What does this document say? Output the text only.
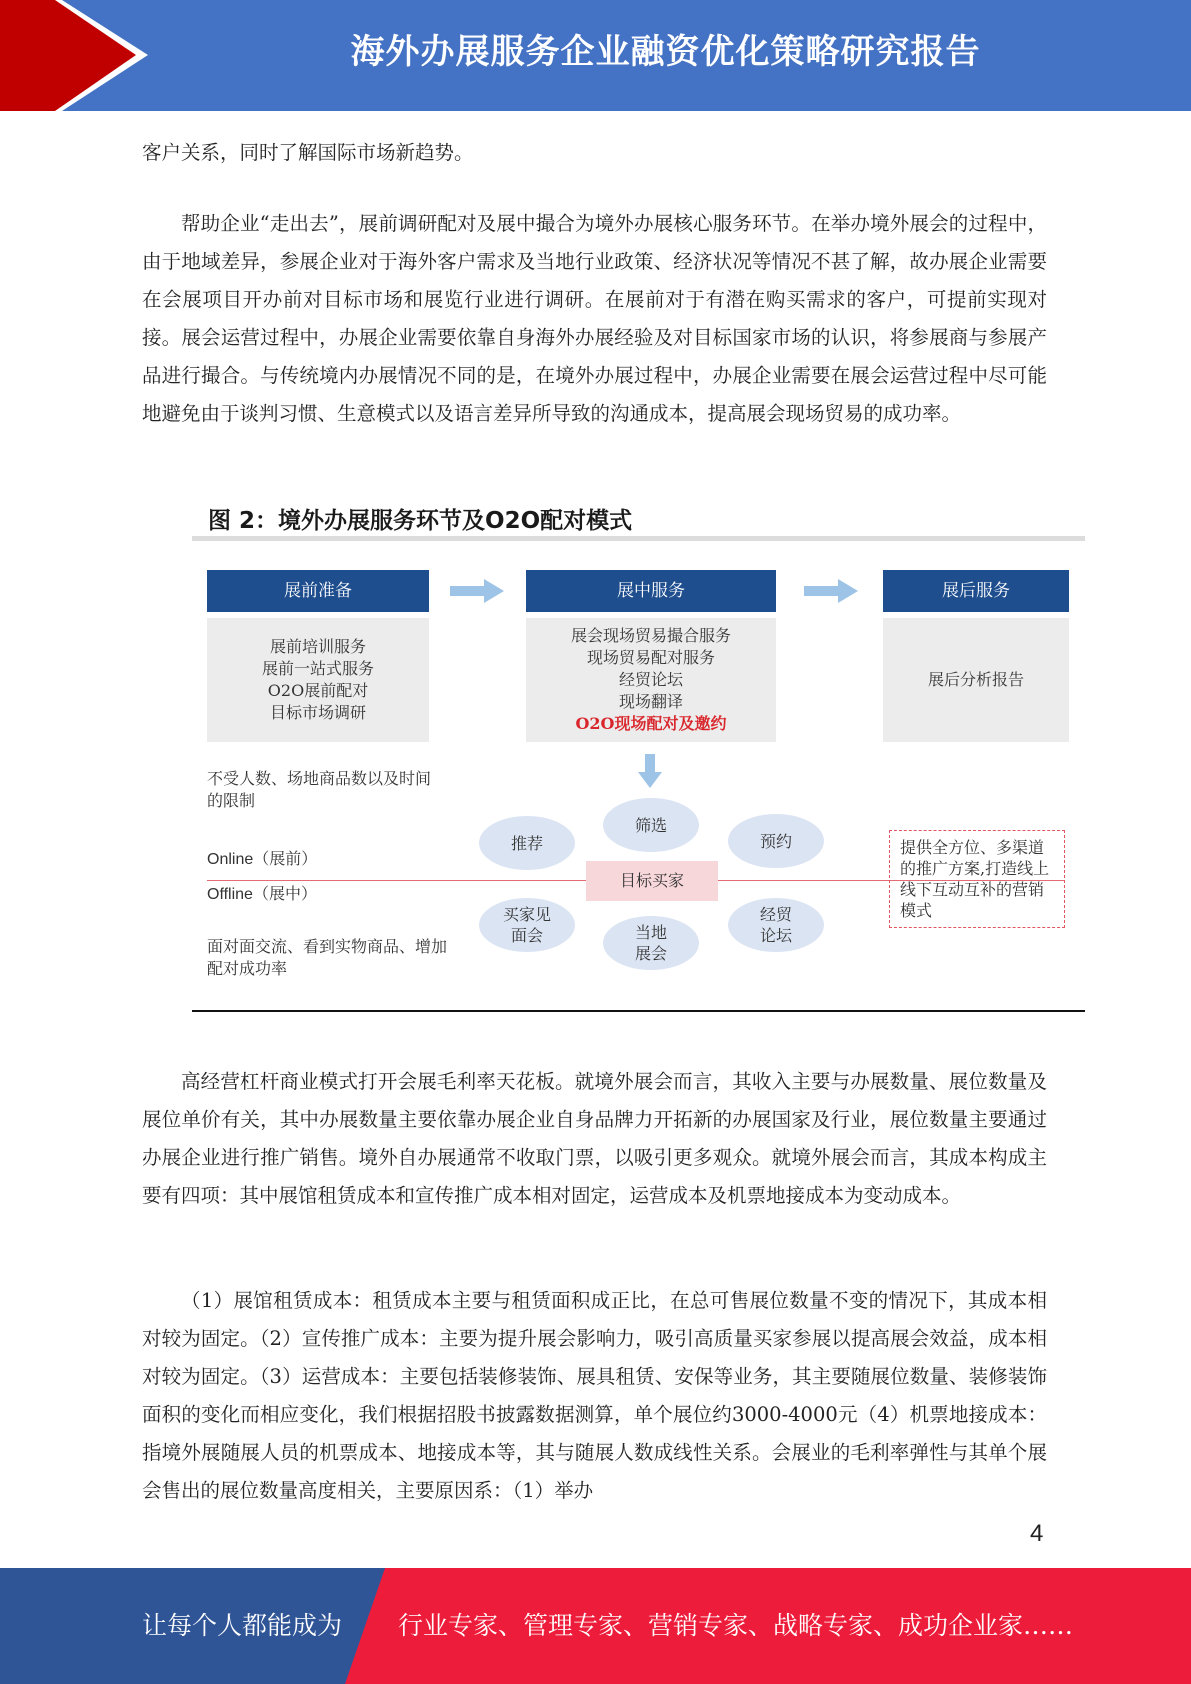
海外办展服务企业融资优化策略研究报告

客户关系，同时了解国际市场新趋势。

帮助企业“走出去”，展前调研配对及展中撮合为境外办展核心服务环节。在举办境外展会的过程中，由于地域差异，参展企业对于海外客户需求及当地行业政策、经济状况等情况不甚了解，故办展企业需要在会展项目开办前对目标市场和展览行业进行调研。在展前对于有潜在购买需求的客户，可提前实现对接。展会运营过程中，办展企业需要依靠自身海外办展经验及对目标国家市场的认识，将参展商与参展产品进行撮合。与传统境内办展情况不同的是，在境外办展过程中，办展企业需要在展会运营过程中尽可能地避免由于谈判习惯、生意模式以及语言差异所导致的沟通成本，提高展会现场贸易的成功率。

图 2：境外办展服务环节及O2O配对模式
展前准备
展前培训服务
展前一站式服务
O2O展前配对
目标市场调研
展中服务
展会现场贸易撮合服务
现场贸易配对服务
经贸论坛
现场翻译
O2O现场配对及邀约
展后服务
展后分析报告
不受人数、场地商品数以及时间的限制
Online（展前）
Offline（展中）
面对面交流、看到实物商品、增加配对成功率
推荐
筛选
预约
买家见面会	当地展会
经贸论坛
目标买家
提供全方位、多渠道的推广方案,打造线上线下互动互补的营销模式

高经营杠杆商业模式打开会展毛利率天花板。就境外展会而言，其收入主要与办展数量、展位数量及展位单价有关，其中办展数量主要依靠办展企业自身品牌力开拓新的办展国家及行业，展位数量主要通过办展企业进行推广销售。境外自办展通常不收取门票，以吸引更多观众。就境外展会而言，其成本构成主要有四项：其中展馆租赁成本和宣传推广成本相对固定，运营成本及机票地接成本为变动成本。

（1）展馆租赁成本：租赁成本主要与租赁面积成正比，在总可售展位数量不变的情况下，其成本相对较为固定。（2）宣传推广成本：主要为提升展会影响力，吸引高质量买家参展以提高展会效益，成本相对较为固定。（3）运营成本：主要包括装修装饰、展具租赁、安保等业务，其主要随展位数量、装修装饰面积的变化而相应变化，我们根据招股书披露数据测算，单个展位约3000-4000元（4）机票地接成本：指境外展随展人员的机票成本、地接成本等，其与随展人数成线性关系。会展业的毛利率弹性与其单个展会售出的展位数量高度相关，主要原因系：（1）举办

4
让每个人都能成为 行业专家、管理专家、营销专家、战略专家、成功企业家……
